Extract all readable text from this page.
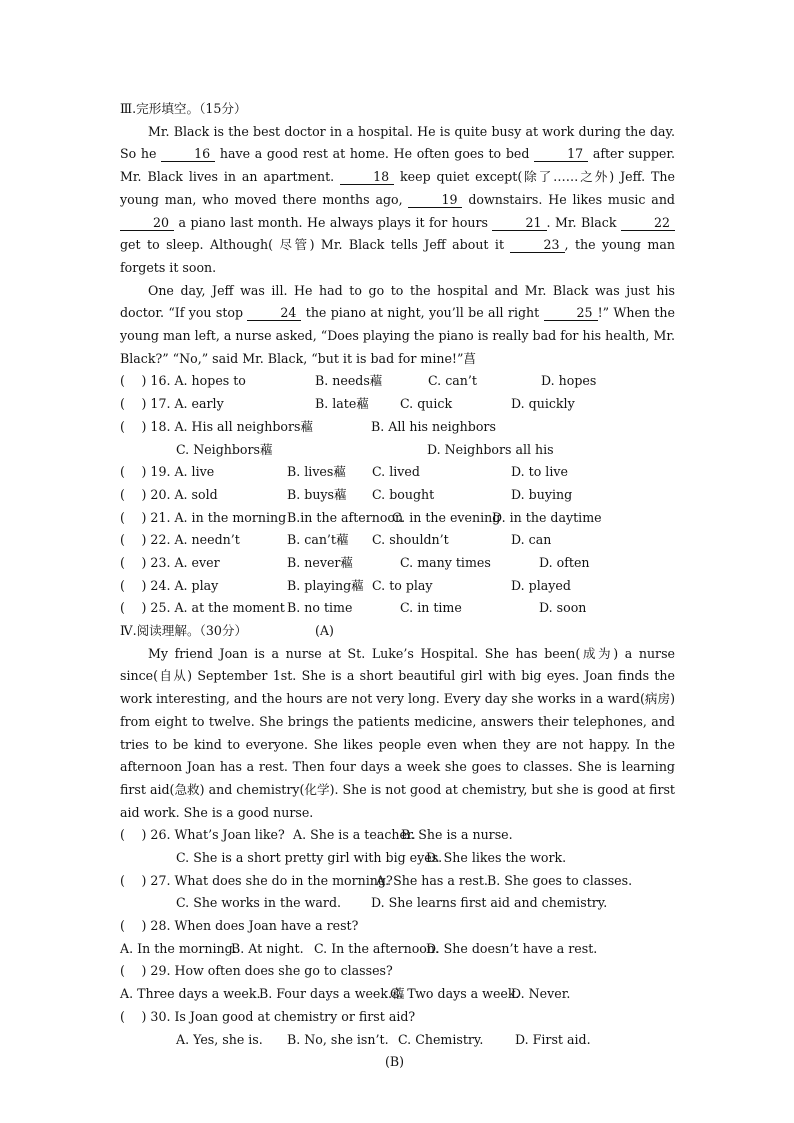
Ⅲ.完形填空。（15分）

Mr. Black is the best doctor in a hospital. He is quite busy at work during the day. So he	16 have a good rest at home. He often goes to bed	17 after supper. Mr. Black lives in an apartment.	18 keep quiet except(除了……之外) Jeff. The young man, who moved there months ago,	19 downstairs. He likes music and 20 a piano last month. He always plays it for hours	21 . Mr. Black	22 get to sleep. Although( 尽管) Mr. Black tells Jeff about it	23 , the young man forgets it soon.

One day, Jeff was ill. He had to go to the hospital and Mr. Black was just his doctor. “If you stop	24 the piano at night, you’ll be all right	25 !” When the young man left, a nurse asked, “Does playing the piano is really bad for his health, Mr. Black?” “No,” said Mr. Black, “but it is bad for mine!”菖

(　 ) 16. A. hopes to	B. needs藲	C. can’t	D. hopes
(　 ) 17. A. early	B. late藲 C. quick	D. quickly
(　 ) 18. A. His all neighbors藲	B. All his neighbors
C. Neighbors藲	D. Neighbors all his
(　 ) 19. A. live	B. lives藲 C. lived	D. to live
(　 ) 20. A. sold	B. buys藲 C. bought	D. buying
(　 ) 21. A. in the morning B.in the afternoon
C. in the evening
D. in the daytime
(　 ) 22. A. needn’t	B. can’t藲 C. shouldn’t	D. can
(　 ) 23. A. ever	B. never藲	C. many times	D. often
(　 ) 24. A. play	B. playing藲 C. to play	D. played
(　 ) 25. A. at the moment B. no time	C. in time	D. soon
Ⅳ.阅读理解。（30分）	(A)

My friend Joan is a nurse at St. Luke’s Hospital. She has been(成为) a nurse since(自从) September 1st. She is a short beautiful girl with big eyes. Joan finds the work interesting, and the hours are not very long. Every day she works in a ward(病房) from eight to twelve. She brings the patients medicine, answers their telephones, and tries to be kind to everyone. She likes people even when they are not happy. In the afternoon Joan has a rest. Then four days a week she goes to classes. She is learning first aid(急救) and chemistry(化学). She is not good at chemistry, but she is good at first aid work. She is a good nurse.

(　 ) 26. What’s Joan like? A. She is a teacher.
B. She is a nurse.
C. She is a short pretty girl with big eyes.
D. She likes the work.
(　 ) 27. What does she do in the morning?
A. She has a rest. B. She goes to classes.
C. She works in the ward. D. She learns first aid and chemistry.
(　 ) 28. When does Joan have a rest?
A. In the morning.
B. At night. C. In the afternoon.
D. She doesn’t have a rest.
(　 ) 29. How often does she go to classes?
A. Three days a week.
B. Four days a week.藲
C. Two days a week.
D. Never.
(　 ) 30. Is Joan good at chemistry or first aid?
A. Yes, she is. B. No, she isn’t. C. Chemistry.	D. First aid.
(B)
